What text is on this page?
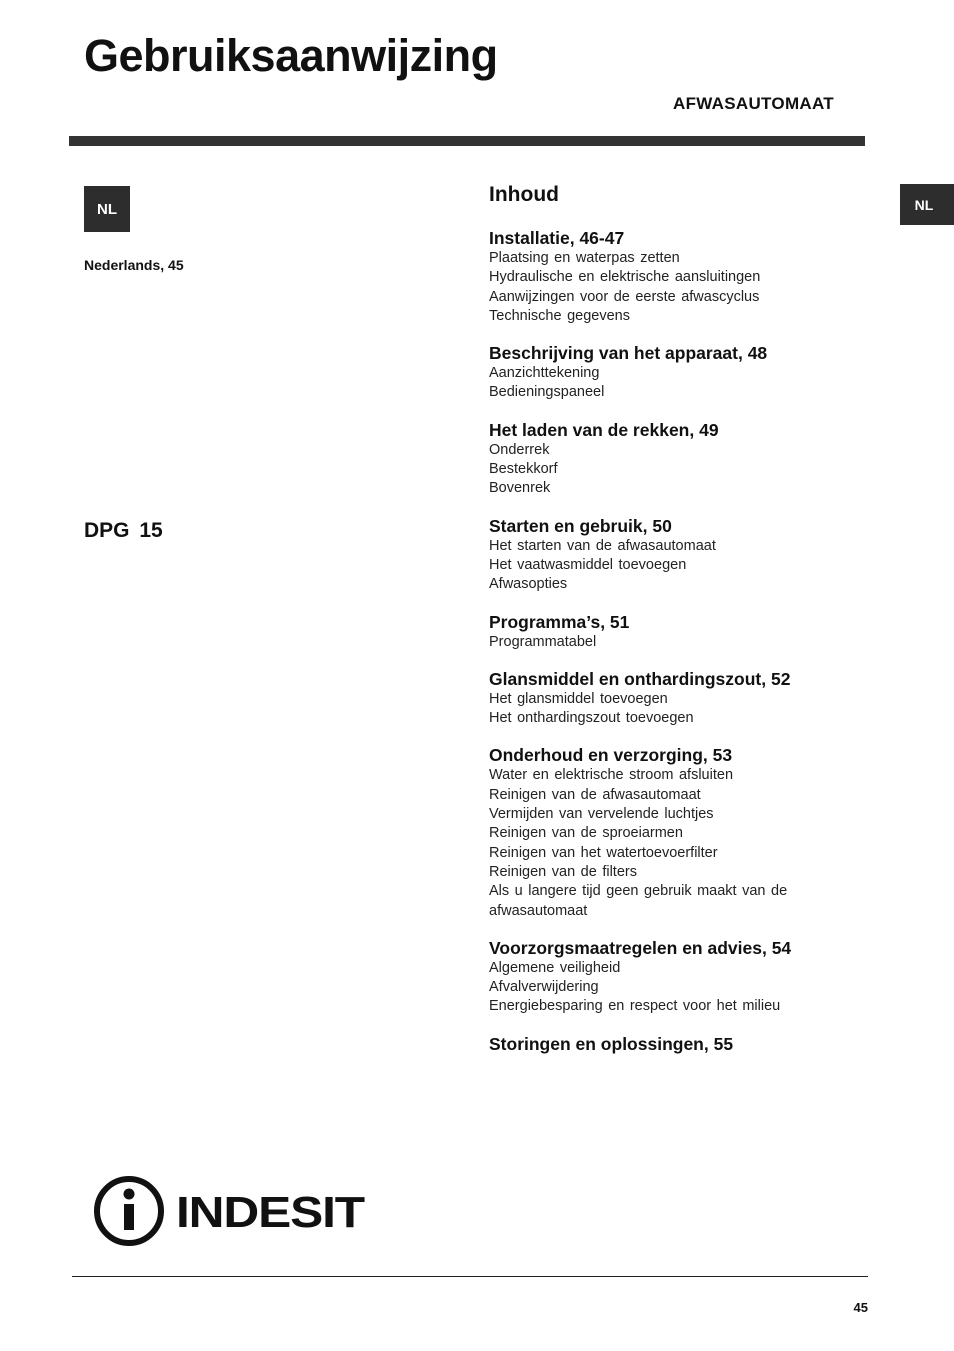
Gebruiksaanwijzing
AFWASAUTOMAAT
NL
Nederlands, 45
DPG 15
NL
Inhoud
Installatie, 46-47
Plaatsing en waterpas zetten
Hydraulische en elektrische aansluitingen
Aanwijzingen voor de eerste afwascyclus
Technische gegevens
Beschrijving van het apparaat, 48
Aanzichttekening
Bedieningspaneel
Het laden van de rekken, 49
Onderrek
Bestekkorf
Bovenrek
Starten en gebruik, 50
Het starten van de afwasautomaat
Het vaatwasmiddel toevoegen
Afwasopties
Programma’s, 51
Programmatabel
Glansmiddel en onthardingszout, 52
Het glansmiddel toevoegen
Het onthardingszout toevoegen
Onderhoud en verzorging, 53
Water en elektrische stroom afsluiten
Reinigen van de afwasautomaat
Vermijden van vervelende luchtjes
Reinigen van de sproeiarmen
Reinigen van het watertoevoerfilter
Reinigen van de filters
Als u langere tijd geen gebruik maakt van de
afwasautomaat
Voorzorgsmaatregelen en advies, 54
Algemene veiligheid
Afvalverwijdering
Energiebesparing en respect voor het milieu
Storingen en oplossingen, 55
INDESIT
45
